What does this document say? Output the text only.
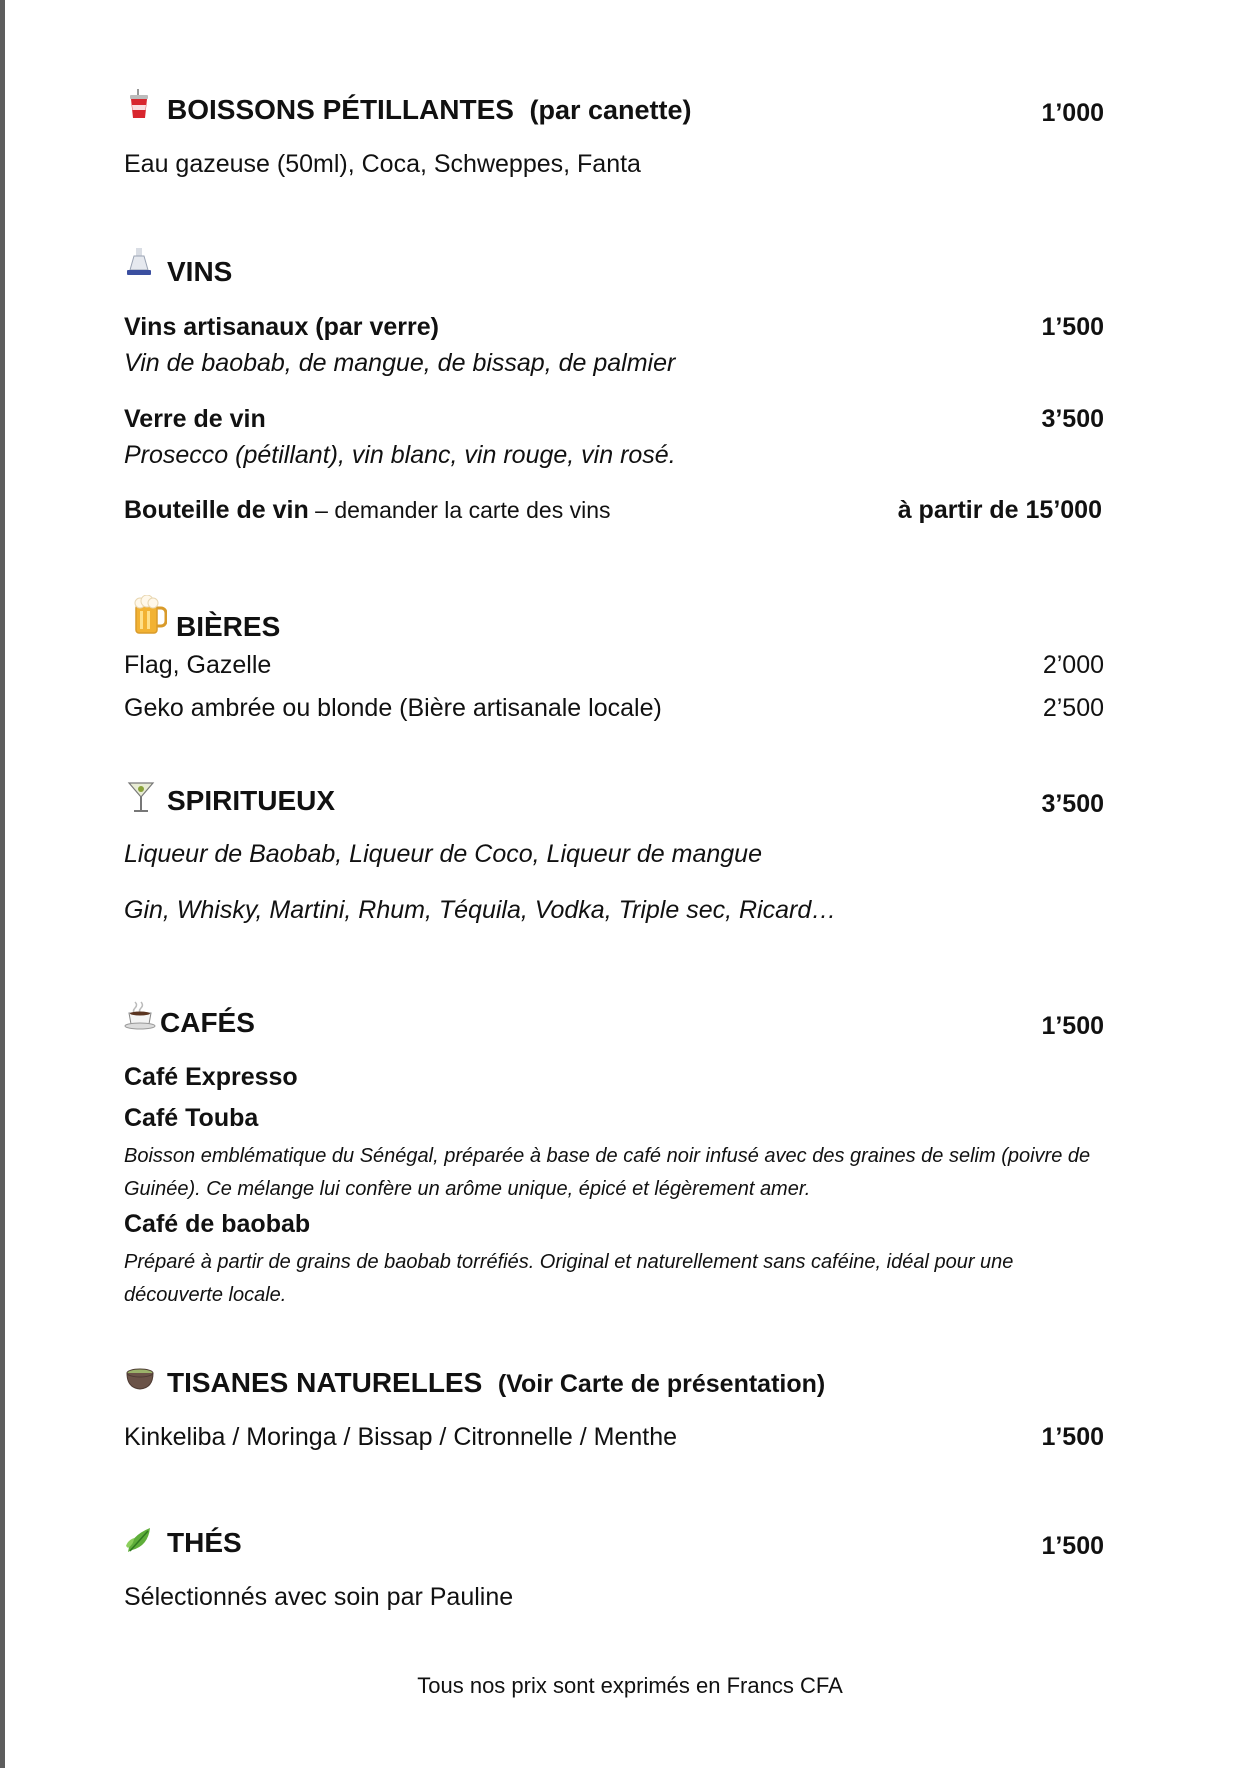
BOISSONS PÉTILLANTES (par canette)	1’000
Eau gazeuse (50ml), Coca, Schweppes, Fanta
VINS
Vins artisanaux (par verre)	1’500
Vin de baobab, de mangue, de bissap, de palmier
Verre de vin	3’500
Prosecco (pétillant), vin blanc, vin rouge, vin rosé.
Bouteille de vin – demander la carte des vins	à partir de 15’000
BIÈRES
Flag, Gazelle	2’000
Geko ambrée ou blonde (Bière artisanale locale)	2’500
SPIRITUEUX	3’500
Liqueur de Baobab, Liqueur de Coco, Liqueur de mangue
Gin, Whisky, Martini, Rhum, Téquila, Vodka, Triple sec, Ricard…
CAFÉS	1’500
Café Expresso
Café Touba
Boisson emblématique du Sénégal, préparée à base de café noir infusé avec des graines de selim (poivre de Guinée). Ce mélange lui confère un arôme unique, épicé et légèrement amer.
Café de baobab
Préparé à partir de grains de baobab torréfiés. Original et naturellement sans caféine, idéal pour une découverte locale.
TISANES NATURELLES (Voir Carte de présentation)
Kinkeliba / Moringa / Bissap / Citronnelle / Menthe	1’500
THÉS	1’500
Sélectionnés avec soin par Pauline
Tous nos prix sont exprimés en Francs CFA
